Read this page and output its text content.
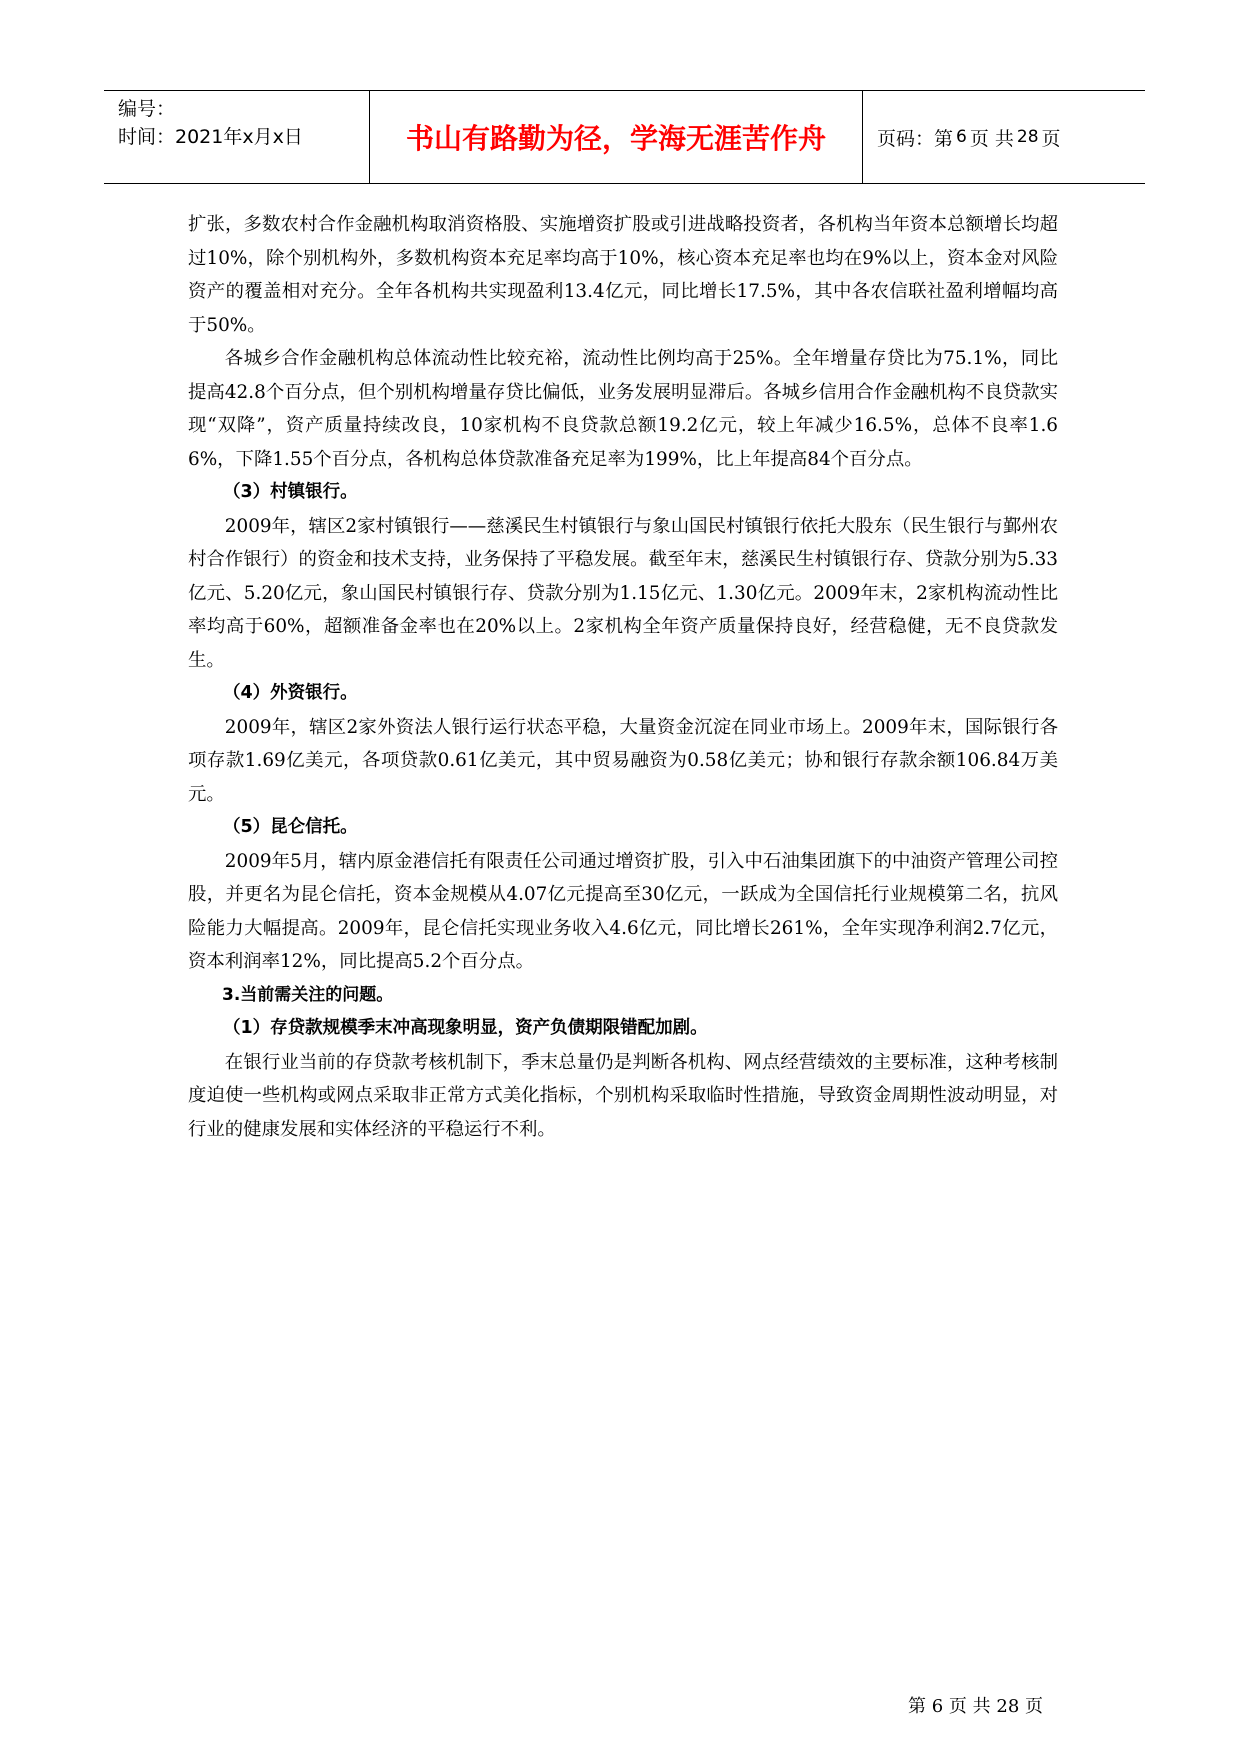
编号：
时间：2021年x月x日	书山有路勤为径，学海无涯苦作舟	页码：第 6 页 共 28 页

扩张，多数农村合作金融机构取消资格股、实施增资扩股或引进战略投资者，各机构当年资本总额增长均超过10%，除个别机构外，多数机构资本充足率均高于10%，核心资本充足率也均在9%以上，资本金对风险资产的覆盖相对充分。全年各机构共实现盈利13.4亿元，同比增长17.5%，其中各农信联社盈利增幅均高于50%。

各城乡合作金融机构总体流动性比较充裕，流动性比例均高于25%。全年增量存贷比为75.1%，同比提高42.8个百分点，但个别机构增量存贷比偏低，业务发展明显滞后。各城乡信用合作金融机构不良贷款实现“双降”，资产质量持续改良，10家机构不良贷款总额19.2亿元，较上年减少16.5%，总体不良率1.66%，下降1.55个百分点，各机构总体贷款准备充足率为199%，比上年提高84个百分点。

（3）村镇银行。

2009年，辖区2家村镇银行——慈溪民生村镇银行与象山国民村镇银行依托大股东（民生银行与鄞州农村合作银行）的资金和技术支持，业务保持了平稳发展。截至年末，慈溪民生村镇银行存、贷款分别为5.33亿元、5.20亿元，象山国民村镇银行存、贷款分别为1.15亿元、1.30亿元。2009年末，2家机构流动性比率均高于60%，超额准备金率也在20%以上。2家机构全年资产质量保持良好，经营稳健，无不良贷款发生。

（4）外资银行。

2009年，辖区2家外资法人银行运行状态平稳，大量资金沉淀在同业市场上。2009年末，国际银行各项存款1.69亿美元，各项贷款0.61亿美元，其中贸易融资为0.58亿美元；协和银行存款余额106.84万美元。

（5）昆仑信托。

2009年5月，辖内原金港信托有限责任公司通过增资扩股，引入中石油集团旗下的中油资产管理公司控股，并更名为昆仑信托，资本金规模从4.07亿元提高至30亿元，一跃成为全国信托行业规模第二名，抗风险能力大幅提高。2009年，昆仑信托实现业务收入4.6亿元，同比增长261%，全年实现净利润2.7亿元，资本利润率12%，同比提高5.2个百分点。

3.当前需关注的问题。

（1）存贷款规模季末冲高现象明显，资产负债期限错配加剧。

在银行业当前的存贷款考核机制下，季末总量仍是判断各机构、网点经营绩效的主要标准，这种考核制度迫使一些机构或网点采取非正常方式美化指标，个别机构采取临时性措施，导致资金周期性波动明显，对行业的健康发展和实体经济的平稳运行不利。

第 6 页 共 28 页
